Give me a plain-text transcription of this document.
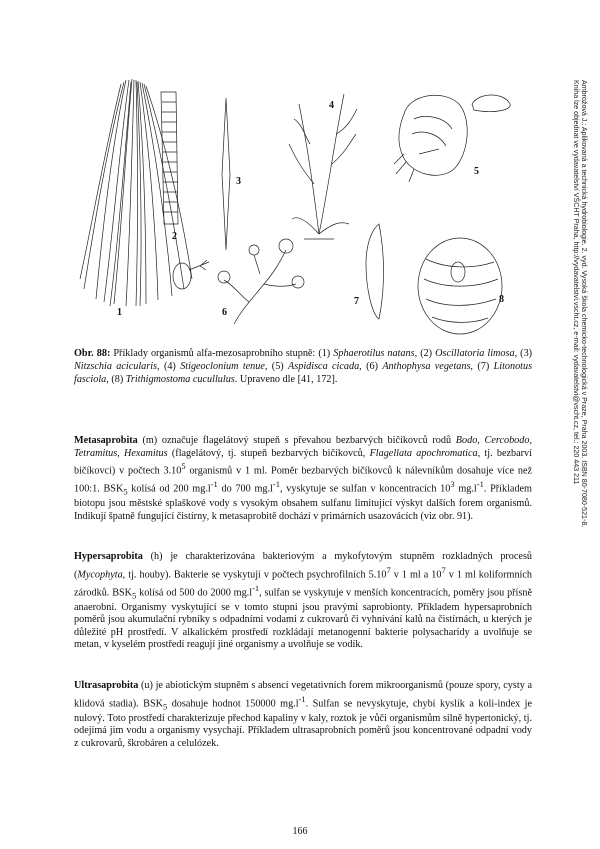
1
2
3
4
5
6
7	8
Obr. 88: Příklady organismů alfa-mezosaprobního stupně: (1) Sphaerotilus natans, (2) Oscillatoria limosa, (3) Nitzschia acicularis, (4) Stigeoclonium tenue, (5) Aspidisca cicada, (6) Anthophysa vegetans, (7) Litonotus fasciola, (8) Trithigmostoma cucullulus. Upraveno dle [41, 172].

Metasaprobita (m) označuje flagelátový stupeň s převahou bezbarvých bičíkovců rodů Bodo, Cercobodo, Tetramitus, Hexamitus (flagelátový, tj. stupeň bezbarvých bičíkovců, Flagellata apochromatica, tj. bezbarví bičíkovci) v počtech 3.10$^5$ organismů v 1 ml. Poměr bezbarvých bičíkovců k nálevníkům dosahuje více než 100:1. $BSK_5$ kolísá od 200 $mg.l^{-1}$ do 700 $mg.l^{-1}$, vyskytuje se sulfan v koncentracích $10^3$ $mg.l^{-1}$. Příkladem biotopu jsou městské splaškové vody s vysokým obsahem sulfanu limitující výskyt dalších forem organismů. Indikují špatně fungující čistírny, k metasaprobitě dochází v primárních usazovácích (viz obr. 91).

Hypersaprobita (h) je charakterizována bakteriovým a mykofytovým stupněm rozkladných procesů (Mycophyta, tj. houby). Bakterie se vyskytují v počtech psychrofilních 5.10$^7$ v 1 ml a $10^7$ v 1 ml koliformních zárodků. $BSK_5$ kolísá od 500 do 2000 $mg.l^{-1}$, sulfan se vyskytuje v menších koncentracích, poměry jsou přísně anaerobní. Organismy vyskytující se v tomto stupni jsou pravými saprobionty. Příkladem hypersaprobních poměrů jsou akumulační rybníky s odpadními vodami z cukrovarů či vyhnívání kalů na čistírnách, u kterých je důležité pH prostředí. V alkalickém prostředí rozkládají metanogenní bakterie polysacharidy a uvolňuje se metan, v kyselém prostředí reagují jiné organismy a uvolňuje se vodík.

Ultrasaprobita (u) je abiotickým stupněm s absencí vegetativních forem mikroorganismů (pouze spory, cysty a klidová stadia). $BSK_5$ dosahuje hodnot 150000 $mg.l^{-1}$. Sulfan se nevyskytuje, chybí kyslík a koli-index je nulový. Toto prostředí charakterizuje přechod kapaliny v kaly, roztok je vůči organismům silně hypertonický, tj. odejímá jim vodu a organismy vysychají. Příkladem ultrasaprobních poměrů jsou koncentrované odpadní vody z cukrovarů, škrobáren a celulózek.

166
Ambrožová J.: Aplikovaná a technická hydrobiologie. 2. vyd. Vysoká škola chemicko-technologická v Praze, Praha 2003. ISBN 80-7080-521-8.
Kniha lze objednat ve vydavatelství VŠCHT Praha, http://vydavatelstvi.vscht.cz, e-mail: vydavatelstvi@vscht.cz, tel.: 220 443 211
